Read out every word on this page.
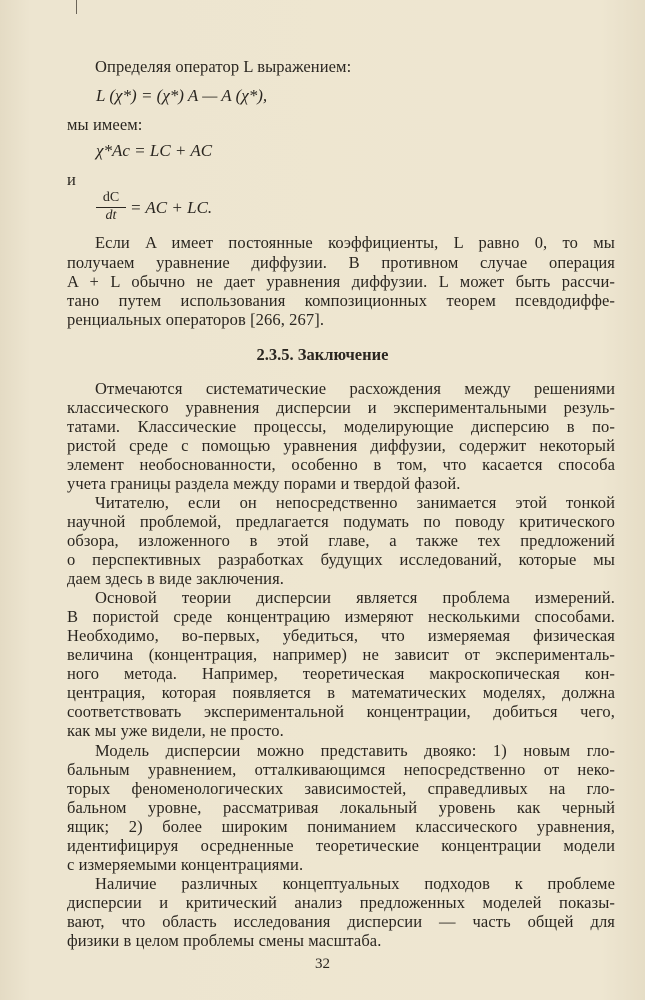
Определяя оператор L выражением:
L (χ*) = (χ*) A — A (χ*),
мы имеем:
χ*Ac = LC + AC
и
$\frac{dC}{dt}$ = AC + LC.
Если A имеет постоянные коэффициенты, L равно 0, то мы
получаем уравнение диффузии. В противном случае операция
A + L обычно не дает уравнения диффузии. L может быть рассчи-
тано путем использования композиционных теорем псевдодиффе-
ренциальных операторов [266, 267].
2.3.5. Заключение
Отмечаются систематические расхождения между решениями
классического уравнения дисперсии и экспериментальными резуль-
татами. Классические процессы, моделирующие дисперсию в по-
ристой среде с помощью уравнения диффузии, содержит некоторый
элемент необоснованности, особенно в том, что касается способа
учета границы раздела между порами и твердой фазой.
Читателю, если он непосредственно занимается этой тонкой
научной проблемой, предлагается подумать по поводу критического
обзора, изложенного в этой главе, а также тех предложений
о перспективных разработках будущих исследований, которые мы
даем здесь в виде заключения.
Основой теории дисперсии является проблема измерений.
В пористой среде концентрацию измеряют несколькими способами.
Необходимо, во-первых, убедиться, что измеряемая физическая
величина (концентрация, например) не зависит от эксперименталь-
ного метода. Например, теоретическая макроскопическая кон-
центрация, которая появляется в математических моделях, должна
соответствовать экспериментальной концентрации, добиться чего,
как мы уже видели, не просто.
Модель дисперсии можно представить двояко: 1) новым гло-
бальным уравнением, отталкивающимся непосредственно от неко-
торых феноменологических зависимостей, справедливых на гло-
бальном уровне, рассматривая локальный уровень как черный
ящик; 2) более широким пониманием классического уравнения,
идентифицируя осредненные теоретические концентрации модели
с измеряемыми концентрациями.
Наличие различных концептуальных подходов к проблеме
дисперсии и критический анализ предложенных моделей показы-
вают, что область исследования дисперсии — часть общей для
физики в целом проблемы смены масштаба.
32
